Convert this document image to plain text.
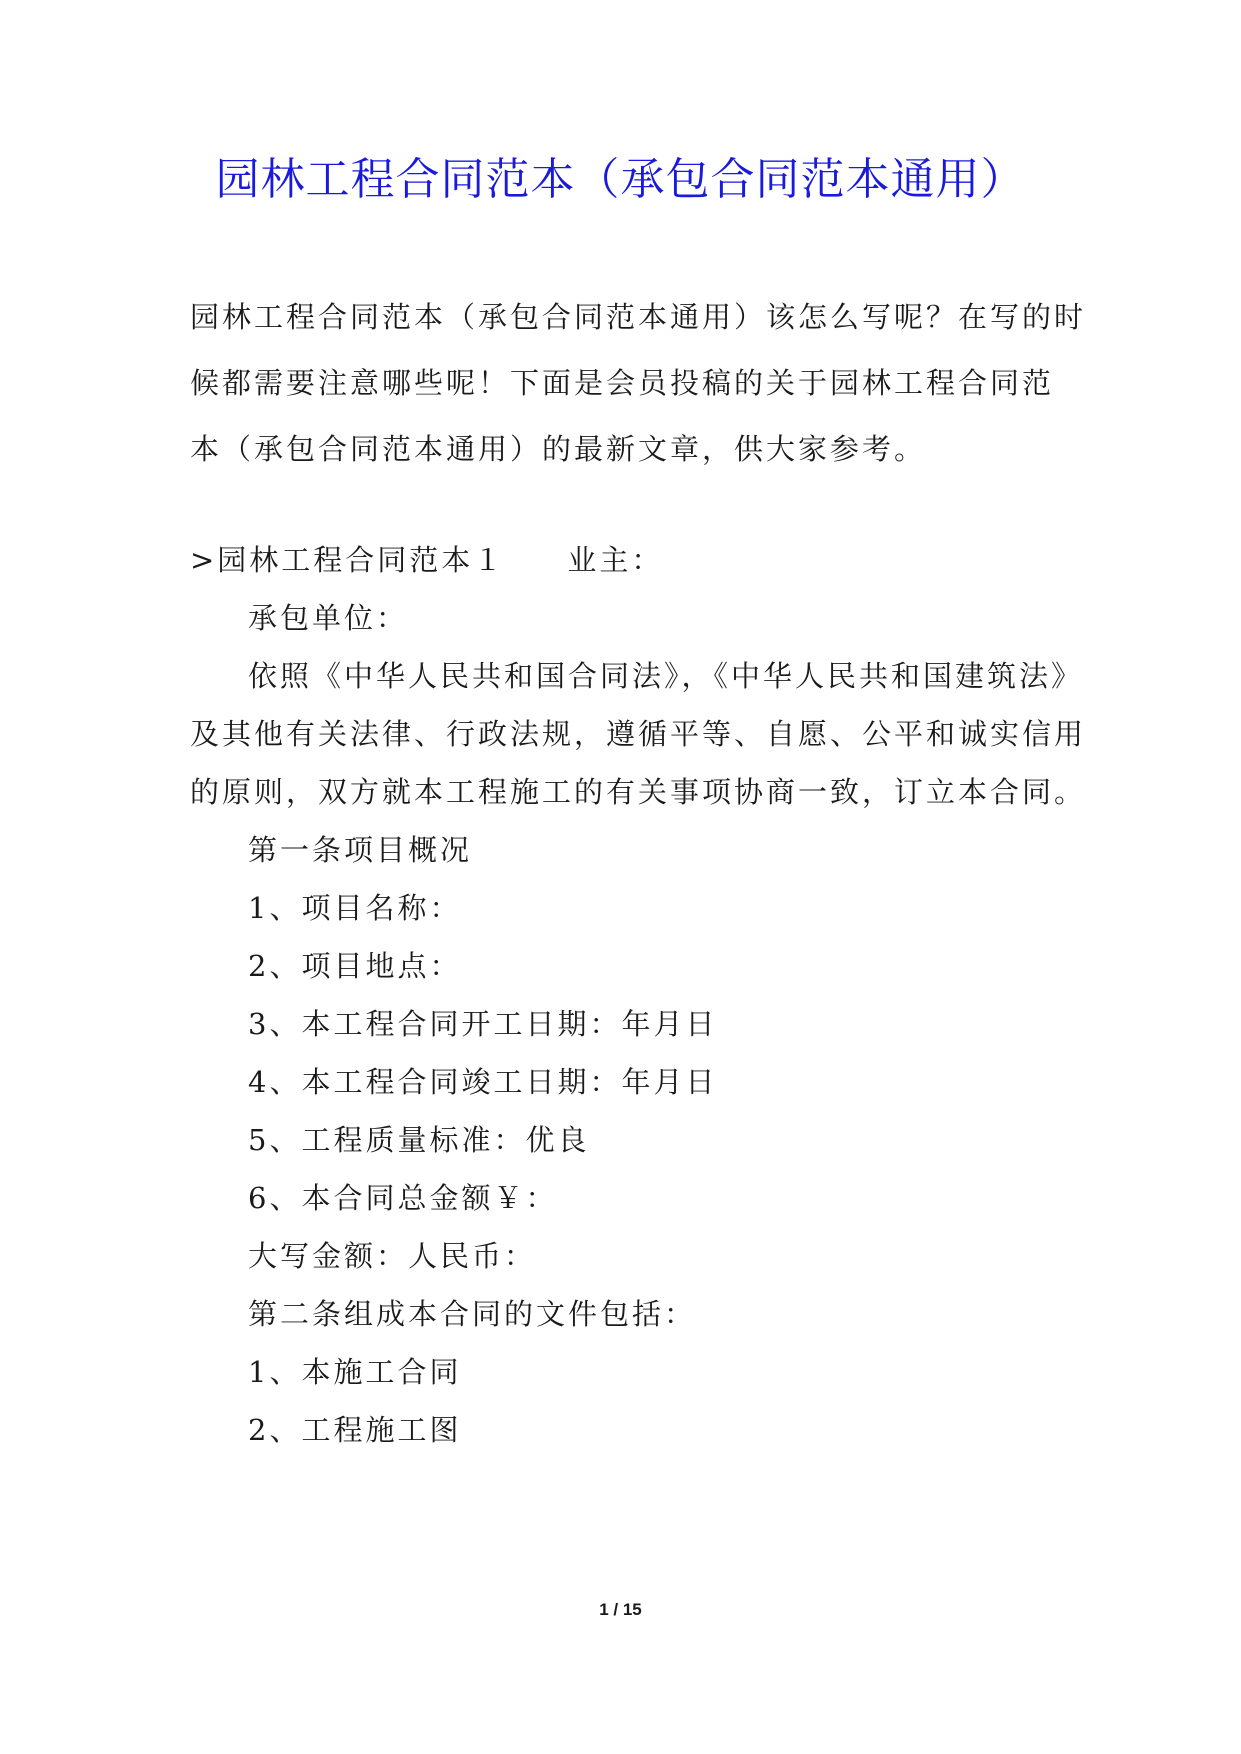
园林工程合同范本（承包合同范本通用）
园林工程合同范本（承包合同范本通用）该怎么写呢？在写的时
候都需要注意哪些呢！下面是会员投稿的关于园林工程合同范
本（承包合同范本通用）的最新文章，供大家参考。
>园林工程合同范本１ 业主：
承包单位：
依照《中华人民共和国合同法》，《中华人民共和国建筑法》
及其他有关法律、行政法规，遵循平等、自愿、公平和诚实信用
的原则，双方就本工程施工的有关事项协商一致，订立本合同。
第一条项目概况
1、项目名称：
2、项目地点：
3、本工程合同开工日期：年月日
4、本工程合同竣工日期：年月日
5、工程质量标准：优良
6、本合同总金额￥：
大写金额：人民币：
第二条组成本合同的文件包括：
1、本施工合同
2、工程施工图
1 / 15
